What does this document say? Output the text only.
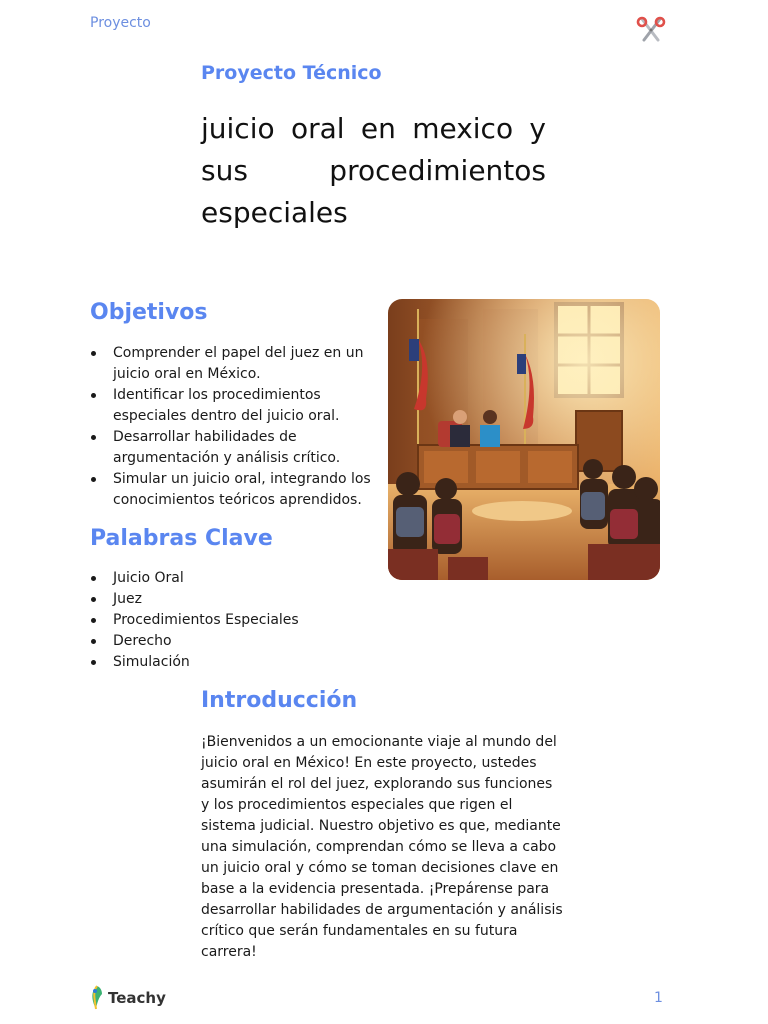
Proyecto
Proyecto Técnico
juicio oral en mexico y sus procedimientos especiales
Objetivos
Comprender el papel del juez en un juicio oral en México.
Identificar los procedimientos especiales dentro del juicio oral.
Desarrollar habilidades de argumentación y análisis crítico.
Simular un juicio oral, integrando los conocimientos teóricos aprendidos.
Palabras Clave
Juicio Oral
Juez
Procedimientos Especiales
Derecho
Simulación
Introducción
¡Bienvenidos a un emocionante viaje al mundo del juicio oral en México! En este proyecto, ustedes asumirán el rol del juez, explorando sus funciones y los procedimientos especiales que rigen el sistema judicial. Nuestro objetivo es que, mediante una simulación, comprendan cómo se lleva a cabo un juicio oral y cómo se toman decisiones clave en base a la evidencia presentada. ¡Prepárense para desarrollar habilidades de argumentación y análisis crítico que serán fundamentales en su futura carrera!
Teachy	1
